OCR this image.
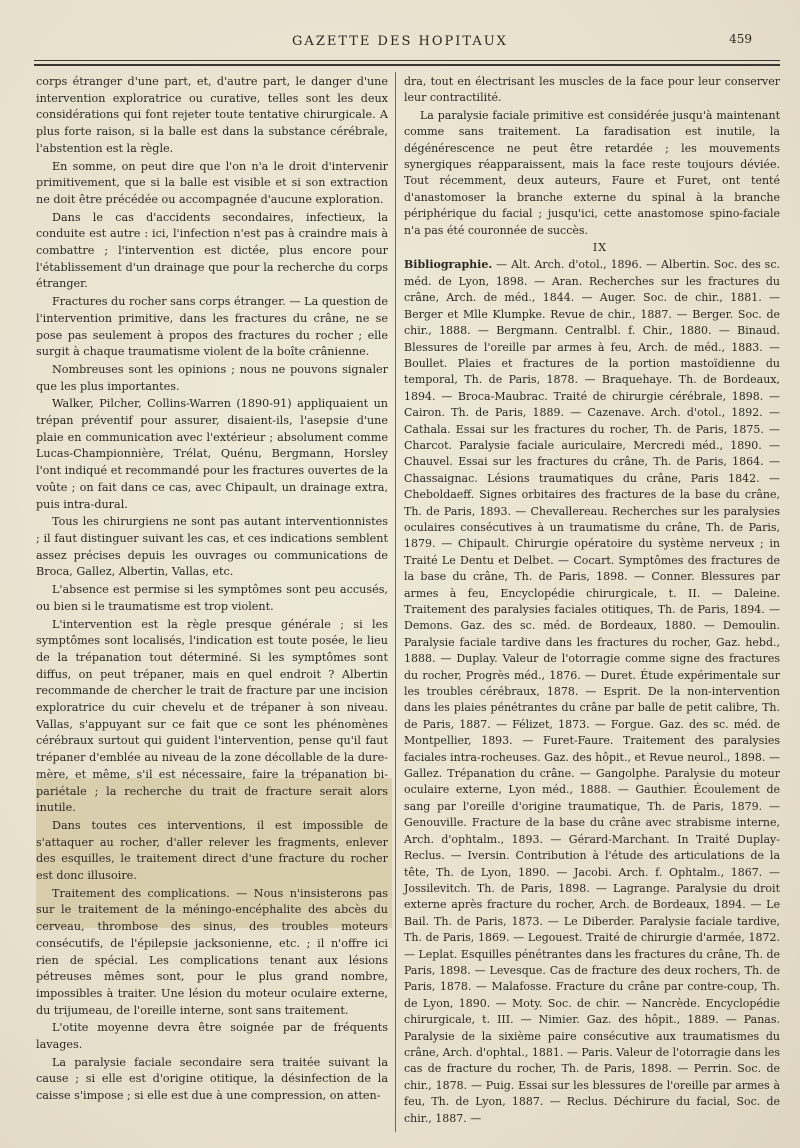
GAZETTE DES HOPITAUX	459

corps étranger d'une part, et, d'autre part, le danger d'une intervention exploratrice ou curative, telles sont les deux considérations qui font rejeter toute tentative chirurgicale. A plus forte raison, si la balle est dans la substance cérébrale, l'abstention est la règle.

En somme, on peut dire que l'on n'a le droit d'intervenir primitivement, que si la balle est visible et si son extraction ne doit être précédée ou accompagnée d'aucune exploration.

Dans le cas d'accidents secondaires, infectieux, la conduite est autre : ici, l'infection n'est pas à craindre mais à combattre ; l'intervention est dictée, plus encore pour l'établissement d'un drainage que pour la recherche du corps étranger.

Fractures du rocher sans corps étranger. — La question de l'intervention primitive, dans les fractures du crâne, ne se pose pas seulement à propos des fractures du rocher ; elle surgit à chaque traumatisme violent de la boîte crânienne.

Nombreuses sont les opinions ; nous ne pouvons signaler que les plus importantes.

Walker, Pilcher, Collins-Warren (1890-91) appliquaient un trépan préventif pour assurer, disaient-ils, l'asepsie d'une plaie en communication avec l'extérieur ; absolument comme Lucas-Championnière, Trélat, Quénu, Bergmann, Horsley l'ont indiqué et recommandé pour les fractures ouvertes de la voûte ; on fait dans ce cas, avec Chipault, un drainage extra, puis intra-dural.

Tous les chirurgiens ne sont pas autant interventionnistes ; il faut distinguer suivant les cas, et ces indications semblent assez précises depuis les ouvrages ou communications de Broca, Gallez, Albertin, Vallas, etc.

L'absence est permise si les symptômes sont peu accusés, ou bien si le traumatisme est trop violent.

L'intervention est la règle presque générale ; si les symptômes sont localisés, l'indication est toute posée, le lieu de la trépanation tout déterminé. Si les symptômes sont diffus, on peut trépaner, mais en quel endroit ? Albertin recommande de chercher le trait de fracture par une incision exploratrice du cuir chevelu et de trépaner à son niveau. Vallas, s'appuyant sur ce fait que ce sont les phénomènes cérébraux surtout qui guident l'intervention, pense qu'il faut trépaner d'emblée au niveau de la zone décollable de la dure-mère, et même, s'il est nécessaire, faire la trépanation bi-pariétale ; la recherche du trait de fracture serait alors inutile.

Dans toutes ces interventions, il est impossible de s'attaquer au rocher, d'aller relever les fragments, enlever des esquilles, le traitement direct d'une fracture du rocher est donc illusoire.

Traitement des complications. — Nous n'insisterons pas sur le traitement de la méningo-encéphalite des abcès du cerveau, thrombose des sinus, des troubles moteurs consécutifs, de l'épilepsie jacksonienne, etc. ; il n'offre ici rien de spécial. Les complications tenant aux lésions pétreuses mêmes sont, pour le plus grand nombre, impossibles à traiter. Une lésion du moteur oculaire externe, du trijumeau, de l'oreille interne, sont sans traitement.

L'otite moyenne devra être soignée par de fréquents lavages.

La paralysie faciale secondaire sera traitée suivant la cause ; si elle est d'origine otitique, la désinfection de la caisse s'impose ; si elle est due à une compression, on atten-

dra, tout en électrisant les muscles de la face pour leur conserver leur contractilité.

La paralysie faciale primitive est considérée jusqu'à maintenant comme sans traitement. La faradisation est inutile, la dégénérescence ne peut être retardée ; les mouvements synergiques réapparaissent, mais la face reste toujours déviée. Tout récemment, deux auteurs, Faure et Furet, ont tenté d'anastomoser la branche externe du spinal à la branche périphérique du facial ; jusqu'ici, cette anastomose spino-faciale n'a pas été couronnée de succès.

IX

Bibliographie. — Alt. Arch. d'otol., 1896. — Albertin. Soc. des sc. méd. de Lyon, 1898. — Aran. Recherches sur les fractures du crâne, Arch. de méd., 1844. — Auger. Soc. de chir., 1881. — Berger et Mlle Klumpke. Revue de chir., 1887. — Berger. Soc. de chir., 1888. — Bergmann. Centralbl. f. Chir., 1880. — Binaud. Blessures de l'oreille par armes à feu, Arch. de méd., 1883. — Boullet. Plaies et fractures de la portion mastoïdienne du temporal, Th. de Paris, 1878. — Braquehaye. Th. de Bordeaux, 1894. — Broca-Maubrac. Traité de chirurgie cérébrale, 1898. — Cairon. Th. de Paris, 1889. — Cazenave. Arch. d'otol., 1892. — Cathala. Essai sur les fractures du rocher, Th. de Paris, 1875. — Charcot. Paralysie faciale auriculaire, Mercredi méd., 1890. — Chauvel. Essai sur les fractures du crâne, Th. de Paris, 1864. — Chassaignac. Lésions traumatiques du crâne, Paris 1842. — Cheboldaeff. Signes orbitaires des fractures de la base du crâne, Th. de Paris, 1893. — Chevallereau. Recherches sur les paralysies oculaires consécutives à un traumatisme du crâne, Th. de Paris, 1879. — Chipault. Chirurgie opératoire du système nerveux ; in Traité Le Dentu et Delbet. — Cocart. Symptômes des fractures de la base du crâne, Th. de Paris, 1898. — Conner. Blessures par armes à feu, Encyclopédie chirurgicale, t. II. — Daleine. Traitement des paralysies faciales otitiques, Th. de Paris, 1894. — Demons. Gaz. des sc. méd. de Bordeaux, 1880. — Demoulin. Paralysie faciale tardive dans les fractures du rocher, Gaz. hebd., 1888. — Duplay. Valeur de l'otorragie comme signe des fractures du rocher, Progrès méd., 1876. — Duret. Étude expérimentale sur les troubles cérébraux, 1878. — Esprit. De la non-intervention dans les plaies pénétrantes du crâne par balle de petit calibre, Th. de Paris, 1887. — Félizet, 1873. — Forgue. Gaz. des sc. méd. de Montpellier, 1893. — Furet-Faure. Traitement des paralysies faciales intra-rocheuses. Gaz. des hôpit., et Revue neurol., 1898. — Gallez. Trépanation du crâne. — Gangolphe. Paralysie du moteur oculaire externe, Lyon méd., 1888. — Gauthier. Écoulement de sang par l'oreille d'origine traumatique, Th. de Paris, 1879. — Genouville. Fracture de la base du crâne avec strabisme interne, Arch. d'ophtalm., 1893. — Gérard-Marchant. In Traité Duplay-Reclus. — Iversin. Contribution à l'étude des articulations de la tête, Th. de Lyon, 1890. — Jacobi. Arch. f. Ophtalm., 1867. — Jossilevitch. Th. de Paris, 1898. — Lagrange. Paralysie du droit externe après fracture du rocher, Arch. de Bordeaux, 1894. — Le Bail. Th. de Paris, 1873. — Le Diberder. Paralysie faciale tardive, Th. de Paris, 1869. — Legouest. Traité de chirurgie d'armée, 1872. — Leplat. Esquilles pénétrantes dans les fractures du crâne, Th. de Paris, 1898. — Levesque. Cas de fracture des deux rochers, Th. de Paris, 1878. — Malafosse. Fracture du crâne par contre-coup, Th. de Lyon, 1890. — Moty. Soc. de chir. — Nancrède. Encyclopédie chirurgicale, t. III. — Nimier. Gaz. des hôpit., 1889. — Panas. Paralysie de la sixième paire consécutive aux traumatismes du crâne, Arch. d'ophtal., 1881. — Paris. Valeur de l'otorragie dans les cas de fracture du rocher, Th. de Paris, 1898. — Perrin. Soc. de chir., 1878. — Puig. Essai sur les blessures de l'oreille par armes à feu, Th. de Lyon, 1887. — Reclus. Déchirure du facial, Soc. de chir., 1887. —
